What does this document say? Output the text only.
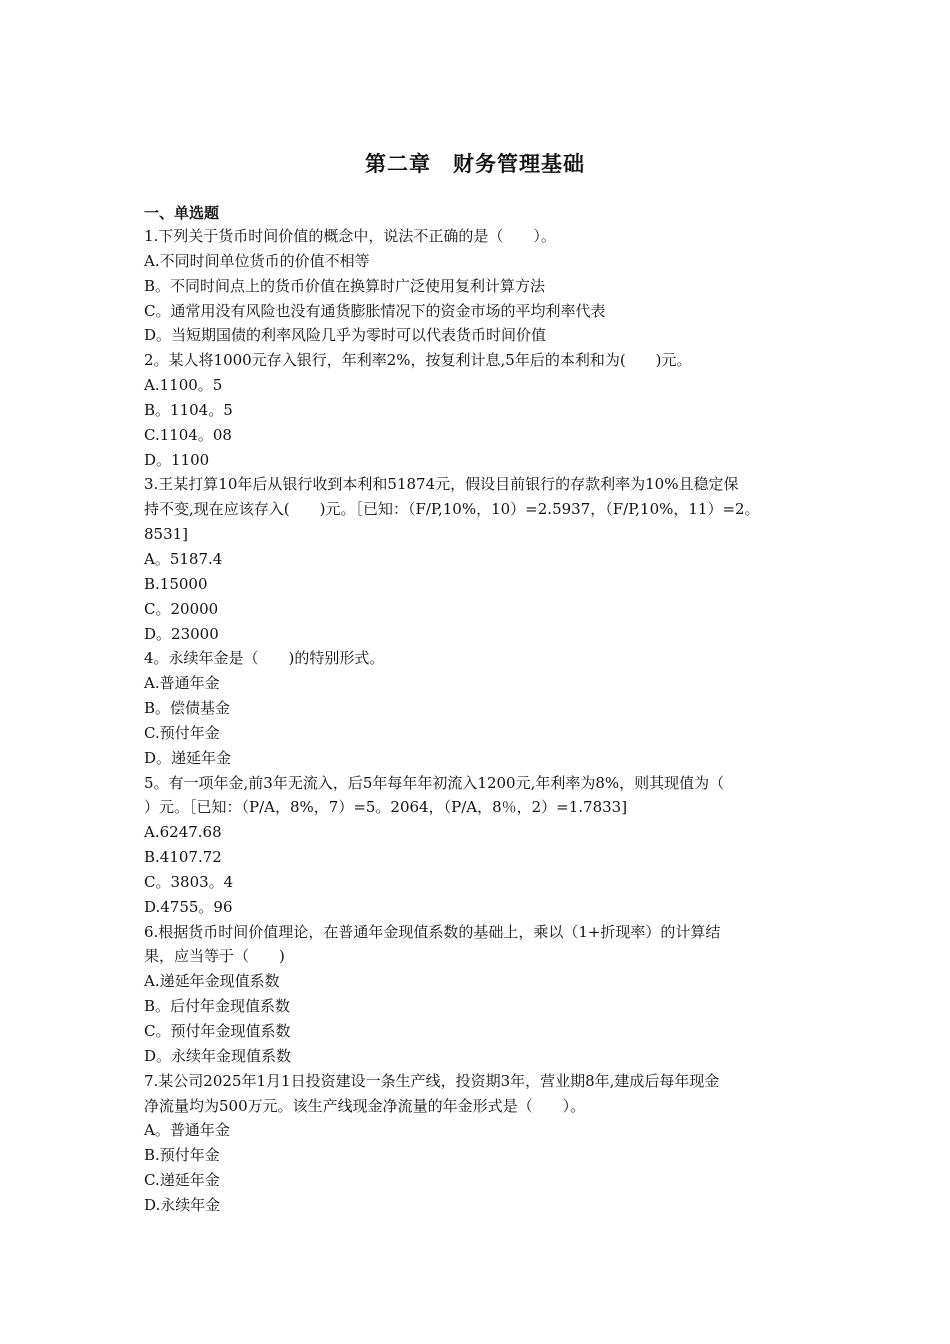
第二章 财务管理基础
一、单选题
1.下列关于货币时间价值的概念中，说法不正确的是（　　）。
A.不同时间单位货币的价值不相等
B。不同时间点上的货币价值在换算时广泛使用复利计算方法
C。通常用没有风险也没有通货膨胀情况下的资金市场的平均利率代表
D。当短期国债的利率风险几乎为零时可以代表货币时间价值
2。某人将1000元存入银行，年利率2%，按复利计息,5年后的本利和为(　　)元。
A.1100。5
B。1104。5
C.1104。08
D。1100
3.王某打算10年后从银行收到本利和51874元，假设目前银行的存款利率为10%且稳定保
持不变,现在应该存入(　　)元。［已知：（F/P,10%，10）=2.5937，（F/P,10%，11）=2。
8531]
A。5187.4
B.15000
C。20000
D。23000
4。永续年金是（　　)的特别形式。
A.普通年金
B。偿债基金
C.预付年金
D。递延年金
5。有一项年金,前3年无流入，后5年每年年初流入1200元,年利率为8%，则其现值为（
）元。［已知：（P/A，8%，7）=5。2064，（P/A，8％，2）=1.7833]
A.6247.68
B.4107.72
C。3803。4
D.4755。96
6.根据货币时间价值理论，在普通年金现值系数的基础上，乘以（1+折现率）的计算结
果，应当等于（　　)
A.递延年金现值系数
B。后付年金现值系数
C。预付年金现值系数
D。永续年金现值系数
7.某公司2025年1月1日投资建设一条生产线，投资期3年，营业期8年,建成后每年现金
净流量均为500万元。该生产线现金净流量的年金形式是（　　）。
A。普通年金
B.预付年金
C.递延年金
D.永续年金
